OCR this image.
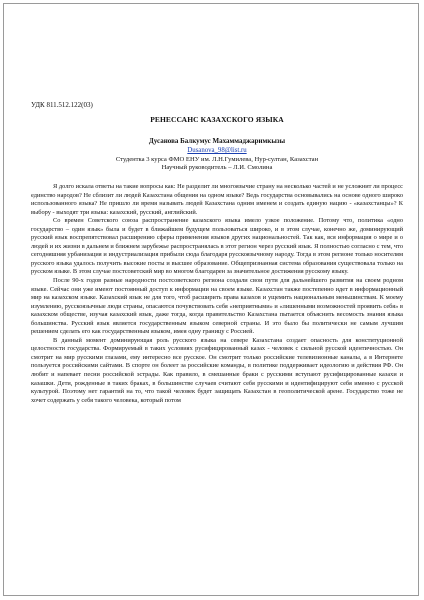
УДК 811.512.122(03)
РЕНЕССАНС КАЗАХСКОГО ЯЗЫКА
Дусанова Балкумус Махаммаджаримкызы
Dusanova_98@list.ru
Студентка 3 курса ФМО ЕНУ им. Л.Н.Гумилева, Нур-султан, Казахстан
Научный руководитель – Л.И. Смолина

Я долго искала ответы на такие вопросы как: Не разделит ли многоязычие страну на несколько частей и не усложнит ли процесс единство народов? Не сблизит ли людей Казахстана общения на одном языке? Ведь государства основывались на основе одного широко использованного языка? Не пришло ли время называть людей Казахстана одним именем и создать единую нацию - «казахстанцы»? К выбору - выходят три языка: казахский, русский, английский.

Со времен Советского союза распространение казахского языка имело узкое положение. Потому что, политика «одно государство – один язык» была и будет в ближайшем будущем пользоваться широко, и в этом случае, конечно же, доминирующий русский язык воспрепятствовал расширению сферы применения языков других национальностей. Так как, вся информация о мире и о людей и их жизни в дальнем и ближнем зарубежье распространялась в этот регион через русский язык. Я полностью согласно с тем, что сегодняшняя урбанизация и индустриализация прибыли сюда благодаря русскоязычному народу. Тогда в этом регионе только носителям русского языка удалось получить высокие посты и высшее образование. Общепризнанная система образования существовала только на русском языке. В этом случае постсоветский мир во многом благодарен за значительное достижения русскому языку.

После 90-х годов разные народности постсоветского региона создали свои пути для дальнейшего развития на своем родном языке. Сейчас они уже имеют постоянный доступ к информации на своем языке. Казахстан также постепенно идет в информационный мир на казахском языке. Казахский язык не для того, чтоб расширить права казахов и ущемить национальным меньшинствам. К моему изумлению, русскоязычные люди страны, опасаются почувствовать себя «неприятными» и «лишенными возможностей проявить себя» в казахском обществе, изучая казахский язык, даже тогда, когда правительство Казахстана пытается объяснить весомость знания языка большинства. Русский язык является государственным языком северной страны. И это было бы политически не самым лучшим решением сделать его как государственным языком, имея одну границу с Россией.

В данный момент доминирующая роль русского языка на севере Казахстана создает опасность для конституционной целостности государства. Формируемый в таких условиях русифицированный казах - человек с сильной русской идентичностью. Он смотрит на мир русскими глазами, ему интересно все русское. Он смотрит только российские телевизионные каналы, а в Интернете пользуется российскими сайтами. В спорте он болеет за российские команды, в политике поддерживает идеологию и действия РФ. Он любит и напевает песни российской эстрады. Как правило, в смешанные браки с русскими вступают русифицированные казахи и казашки. Дети, рожденные в таких браках, в большинстве случаев считают себя русскими и идентифицируют себя именно с русской культурой. Поэтому нет гарантий на то, что такой человек будет защищать Казахстан в геополитической арене. Государство тоже не хочет содержать у себя такого человека, который потом
